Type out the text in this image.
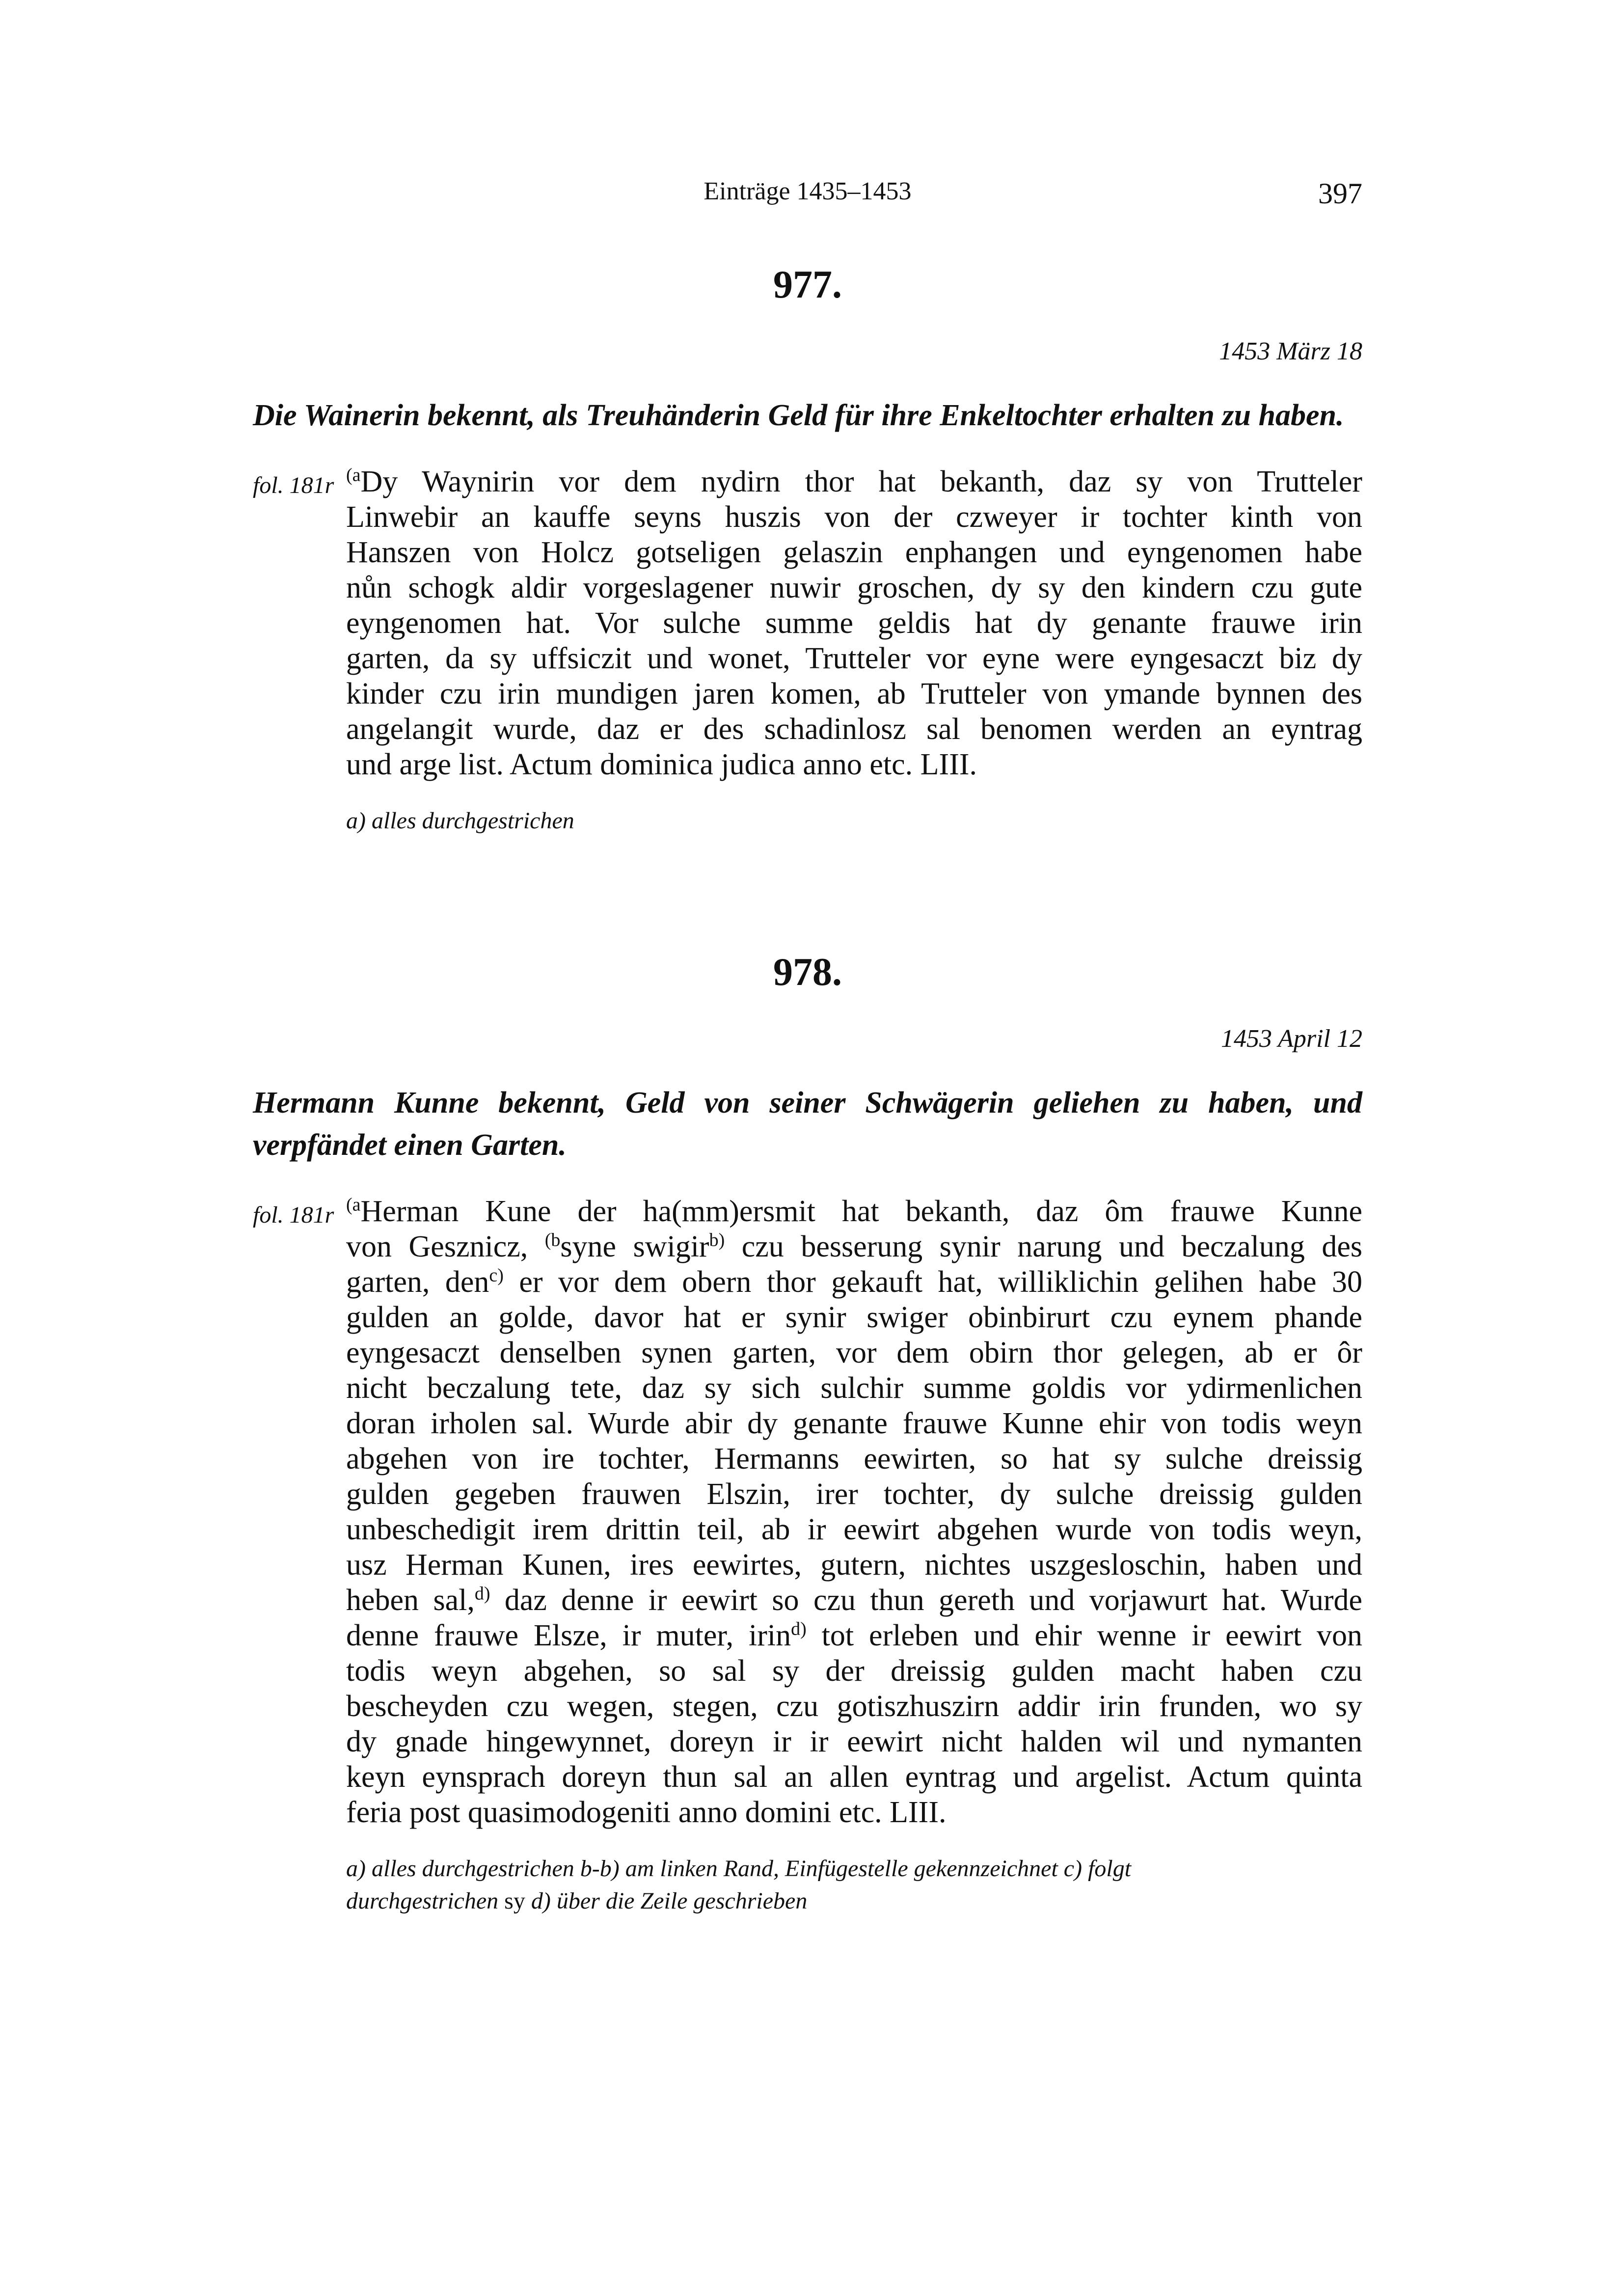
Einträge 1435–1453	397
977.
1453 März 18
Die Wainerin bekennt, als Treuhänderin Geld für ihre Enkeltochter erhalten zu haben.
fol. 181r $^{(a}$Dy Waynirin vor dem nydirn thor hat bekanth, daz sy von Trutteler
Linwebir an kauffe seyns huszis von der czweyer ir tochter kinth von
Hanszen von Holcz gotseligen gelaszin enphangen und eyngenomen habe
nůn schogk aldir vorgeslagener nuwir groschen, dy sy den kindern czu gute
eyngenomen hat. Vor sulche summe geldis hat dy genante frauwe irin
garten, da sy uffsiczit und wonet, Trutteler vor eyne were eyngesaczt biz dy
kinder czu irin mundigen jaren komen, ab Trutteler von ymande bynnen des
angelangit wurde, daz er des schadinlosz sal benomen werden an eyntrag
und arge list. Actum dominica judica anno etc. LIII.
a) alles durchgestrichen
978.
1453 April 12
Hermann Kunne bekennt, Geld von seiner Schwägerin geliehen zu haben, und verpfändet einen Garten.
fol. 181r $^{(a}$Herman Kune der ha(mm)ersmit hat bekanth, daz ôm frauwe Kunne
von Gesznicz, $^{(b}$syne swigir$^{b)}$ czu besserung synir narung und beczalung des
garten, den$^{c)}$ er vor dem obern thor gekauft hat, williklichin gelihen habe 30
gulden an golde, davor hat er synir swiger obinbirurt czu eynem phande
eyngesaczt denselben synen garten, vor dem obirn thor gelegen, ab er ôr
nicht beczalung tete, daz sy sich sulchir summe goldis vor ydirmenlichen
doran irholen sal. Wurde abir dy genante frauwe Kunne ehir von todis weyn
abgehen von ire tochter, Hermanns eewirten, so hat sy sulche dreissig
gulden gegeben frauwen Elszin, irer tochter, dy sulche dreissig gulden
unbeschedigit irem drittin teil, ab ir eewirt abgehen wurde von todis weyn,
usz Herman Kunen, ires eewirtes, gutern, nichtes uszgesloschin, haben und
heben sal,$^{d)}$ daz denne ir eewirt so czu thun gereth und vorjawurt hat. Wurde
denne frauwe Elsze, ir muter, irin$^{d)}$ tot erleben und ehir wenne ir eewirt von
todis weyn abgehen, so sal sy der dreissig gulden macht haben czu
bescheyden czu wegen, stegen, czu gotiszhuszirn addir irin frunden, wo sy
dy gnade hingewynnet, doreyn ir ir eewirt nicht halden wil und nymanten
keyn eynsprach doreyn thun sal an allen eyntrag und argelist. Actum quinta
feria post quasimodogeniti anno domini etc. LIII.
a) alles durchgestrichen b-b) am linken Rand, Einfügestelle gekennzeichnet c) folgt
durchgestrichen sy d) über die Zeile geschrieben
